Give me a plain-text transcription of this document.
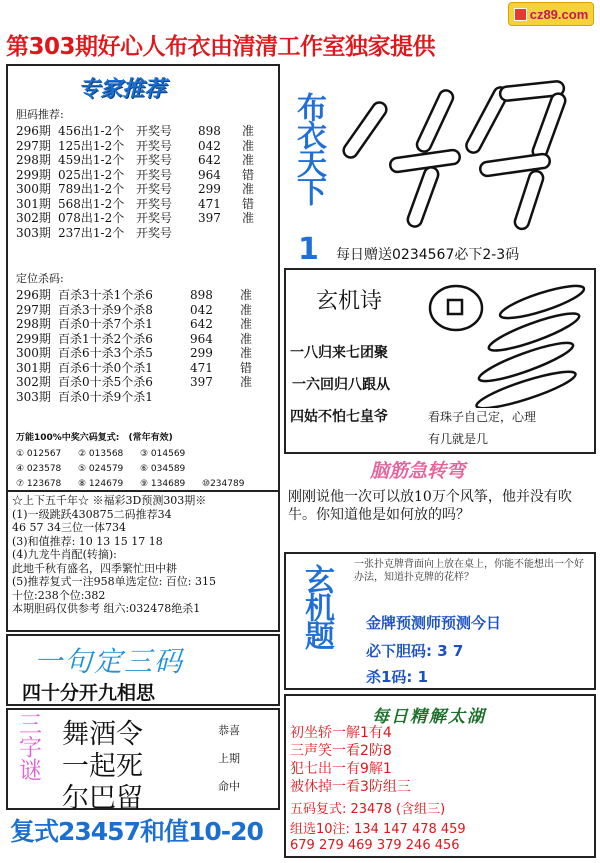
cz89.com
第303期好心人布衣由清清工作室独家提供
专家推荐
胆码推荐:
296期 456出1-2个 开奖号	898	准
297期 125出1-2个 开奖号	042	准
298期 459出1-2个 开奖号	642	准
299期 025出1-2个 开奖号	964	错
300期 789出1-2个 开奖号	299	准
301期 568出1-2个 开奖号	471	错
302期 078出1-2个 开奖号	397	准
303期 237出1-2个 开奖号
定位杀码:
296期 百杀3十杀1个杀6	898	准
297期 百杀3十杀9个杀8	042	准
298期 百杀0十杀7个杀1	642	准
299期 百杀1十杀2个杀6	964	准
300期 百杀6十杀3个杀5	299	准
301期 百杀6十杀0个杀1	471	错
302期 百杀0十杀5个杀6	397	准
303期 百杀0十杀9个杀1
万能100%中奖六码复式: (常年有效)
① 012567	② 013568	③ 014569
④ 023578	⑤ 024579	⑥ 034589
⑦ 123678	⑧ 124679	⑨ 134689	⑩234789
☆上下五千年☆ ※福彩3D预测303期※
(1)一级跳跃430875二码推荐34
46 57 34三位一体734
(3)和值推荐: 10 13 15 17 18
(4)九龙牛肖配(转摘):
此地千秋有盛名，四季繁忙田中耕
(5)推荐复式一注958单选定位: 百位: 315
十位:238个位:382
本期胆码仅供参考 组六:032478绝杀1
布衣天下
1 每日赠送0234567必下2-3码
玄机诗
一八归来七团聚
一六回归八跟从
四姑不怕七皇爷	看珠子自己定，心理
有几就是几
脑筋急转弯
刚刚说他一次可以放10万个风筝，他并没有吹牛。你知道他是如何放的吗？
玄机题	一张扑克牌背面向上放在桌上，你能不能想出一个好办法，知道扑克牌的花样？
金牌预测师预测今日
必下胆码: 3 7
杀1码: 1
一句定三码
四十分开九相思
三字谜 舞酒令
一起死
尔巴留
恭喜
上期
命中
复式23457和值10-20
每日精解太湖
初坐轿一解1有4
三声笑一看2防8
犯七出一有9解1
被休掉一看3防组三
五码复式: 23478 (含组三)
组选10注: 134 147 478 459
679 279 469 379 246 456
